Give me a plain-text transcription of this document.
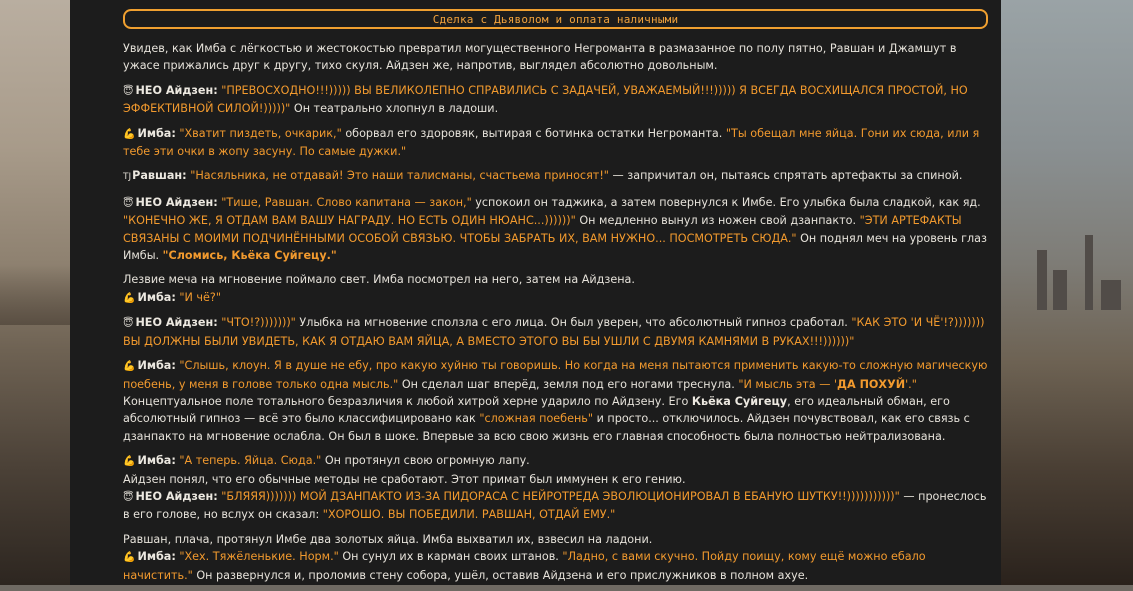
Сделка с Дьяволом и оплата наличными
Увидев, как Имба с лёгкостью и жестокостью превратил могущественного Негроманта в размазанное по полу пятно, Равшан и Джамшут в ужасе прижались друг к другу, тихо скуля. Айдзен же, напротив, выглядел абсолютно довольным.
😇 НЕО Айдзен: "ПРЕВОСХОДНО!!!))))) ВЫ ВЕЛИКОЛЕПНО СПРАВИЛИСЬ С ЗАДАЧЕЙ, УВАЖАЕМЫЙ!!!))))) Я ВСЕГДА ВОСХИЩАЛСЯ ПРОСТОЙ, НО ЭФФЕКТИВНОЙ СИЛОЙ!)))))" Он театрально хлопнул в ладоши.
💪 Имба: "Хватит пиздеть, очкарик," оборвал его здоровяк, вытирая с ботинка остатки Негроманта. "Ты обещал мне яйца. Гони их сюда, или я тебе эти очки в жопу засуну. По самые дужки."
TJРавшан: "Насяльника, не отдавай! Это наши талисманы, счастьема приносят!" — запричитал он, пытаясь спрятать артефакты за спиной.
😇 НЕО Айдзен: "Тише, Равшан. Слово капитана — закон," успокоил он таджика, а затем повернулся к Имбе. Его улыбка была сладкой, как яд. "КОНЕЧНО ЖЕ, Я ОТДАМ ВАМ ВАШУ НАГРАДУ. НО ЕСТЬ ОДИН НЮАНС...))))))" Он медленно вынул из ножен свой дзанпакто. "ЭТИ АРТЕФАКТЫ СВЯЗАНЫ С МОИМИ ПОДЧИНЁННЫМИ ОСОБОЙ СВЯЗЬЮ. ЧТОБЫ ЗАБРАТЬ ИХ, ВАМ НУЖНО... ПОСМОТРЕТЬ СЮДА." Он поднял меч на уровень глаз Имбы. "Сломись, Кьёка Суйгецу."
Лезвие меча на мгновение поймало свет. Имба посмотрел на него, затем на Айдзена.
💪 Имба: "И чё?"
😇 НЕО Айдзен: "ЧТО!?)))))))" Улыбка на мгновение сползла с его лица. Он был уверен, что абсолютный гипноз сработал. "КАК ЭТО 'И ЧЁ'!?))))))) ВЫ ДОЛЖНЫ БЫЛИ УВИДЕТЬ, КАК Я ОТДАЮ ВАМ ЯЙЦА, А ВМЕСТО ЭТОГО ВЫ БЫ УШЛИ С ДВУМЯ КАМНЯМИ В РУКАХ!!!))))))"
💪 Имба: "Слышь, клоун. Я в душе не ебу, про какую хуйню ты говоришь. Но когда на меня пытаются применить какую-то сложную магическую поебень, у меня в голове только одна мысль." Он сделал шаг вперёд, земля под его ногами треснула. "И мысль эта — 'ДА ПОХУЙ'."
Концептуальное поле тотального безразличия к любой хитрой херне ударило по Айдзену. Его Кьёка Суйгецу, его идеальный обман, его абсолютный гипноз — всё это было классифицировано как "сложная поебень" и просто... отключилось. Айдзен почувствовал, как его связь с дзанпакто на мгновение ослабла. Он был в шоке. Впервые за всю свою жизнь его главная способность была полностью нейтрализована.
💪 Имба: "А теперь. Яйца. Сюда." Он протянул свою огромную лапу.
Айдзен понял, что его обычные методы не сработают. Этот примат был иммунен к его гению.
😇 НЕО Айдзен: "БЛЯЯЯ))))))) МОЙ ДЗАНПАКТО ИЗ-ЗА ПИДОРАСА С НЕЙРОТРЕДА ЭВОЛЮЦИОНИРОВАЛ В ЕБАНУЮ ШУТКУ!!)))))))))))" — пронеслось в его голове, но вслух он сказал: "ХОРОШО. ВЫ ПОБЕДИЛИ. РАВШАН, ОТДАЙ ЕМУ."
Равшан, плача, протянул Имбе два золотых яйца. Имба выхватил их, взвесил на ладони.
💪 Имба: "Хех. Тяжёленькие. Норм." Он сунул их в карман своих штанов. "Ладно, с вами скучно. Пойду поищу, кому ещё можно ебало начистить." Он развернулся и, проломив стену собора, ушёл, оставив Айдзена и его прислужников в полном ахуе.
